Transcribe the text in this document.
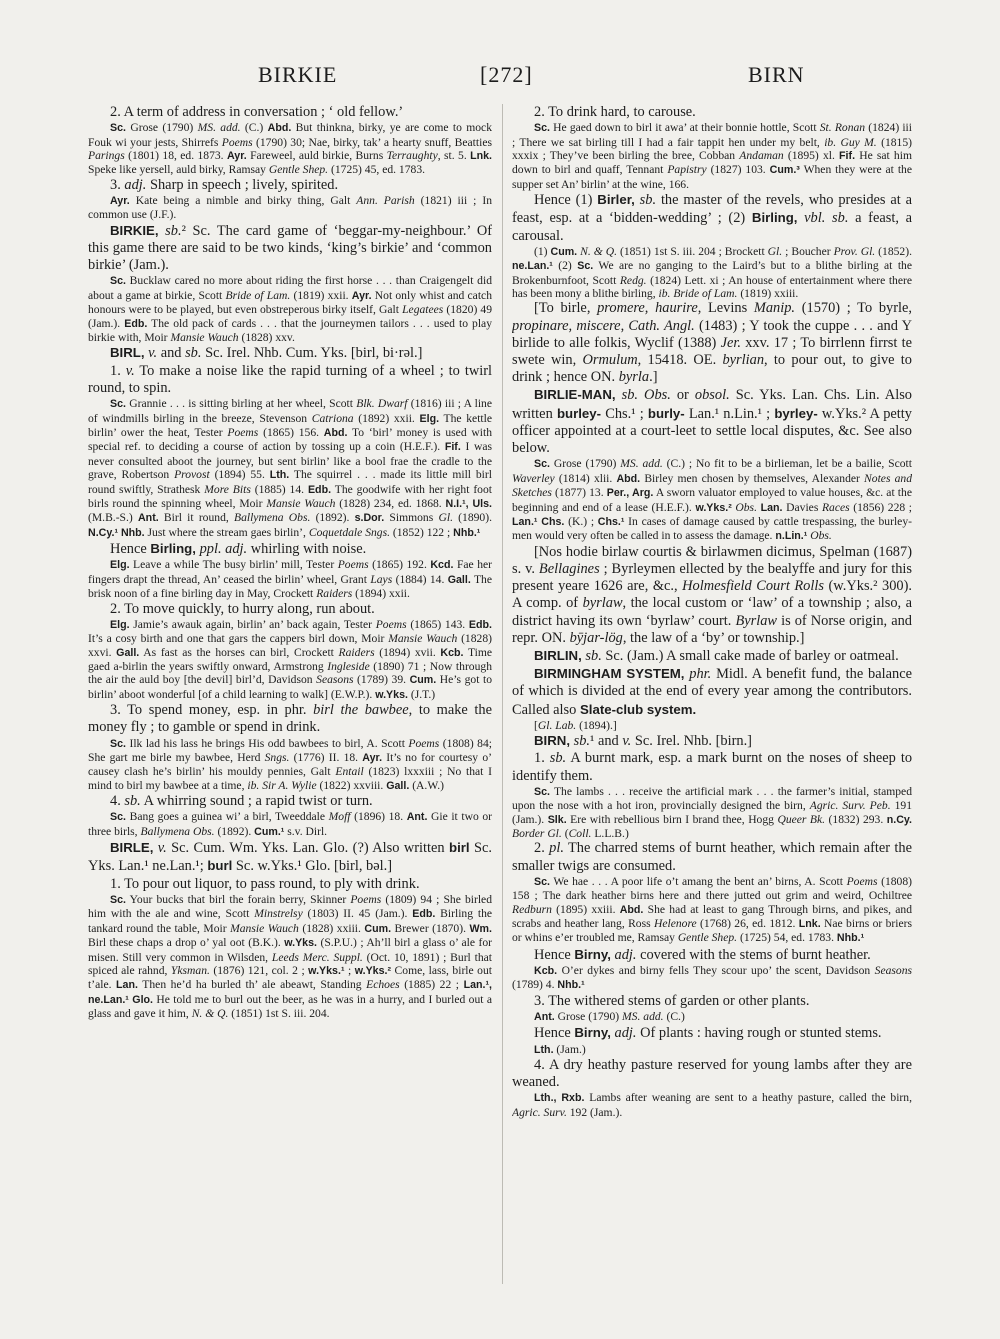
BIRKIE	[272]	BIRN

2. A term of address in conversation ; ‘ old fellow.’

Sc. Grose (1790) MS. add. (C.) Abd. But thinkna, birky, ye are come to mock Fouk wi your jests, Shirrefs Poems (1790) 30; Nae, birky, tak’ a hearty snuff, Beatties Parings (1801) 18, ed. 1873. Ayr. Fareweel, auld birkie, Burns Terraughty, st. 5. Lnk. Speke like yersell, auld birky, Ramsay Gentle Shep. (1725) 45, ed. 1783.

3. adj. Sharp in speech ; lively, spirited.

Ayr. Kate being a nimble and birky thing, Galt Ann. Parish (1821) iii ; In common use (J.F.).

BIRKIE, sb.² Sc. The card game of ‘beggar-my-neighbour.’ Of this game there are said to be two kinds, ‘king’s birkie’ and ‘common birkie’ (Jam.).

Sc. Bucklaw cared no more about riding the first horse . . . than Craigengelt did about a game at birkie, Scott Bride of Lam. (1819) xxii. Ayr. Not only whist and catch honours were to be played, but even obstreperous birky itself, Galt Legatees (1820) 49 (Jam.). Edb. The old pack of cards . . . that the journeymen tailors . . . used to play birkie with, Moir Mansie Wauch (1828) xxv.

BIRL, v. and sb. Sc. Irel. Nhb. Cum. Yks. [birl, bi·rəl.]

1. v. To make a noise like the rapid turning of a wheel ; to twirl round, to spin.

Sc. Grannie . . . is sitting birling at her wheel, Scott Blk. Dwarf (1816) iii ; A line of windmills birling in the breeze, Stevenson Catriona (1892) xxii. Elg. The kettle birlin’ ower the heat, Tester Poems (1865) 156. Abd. To ‘birl’ money is used with special ref. to deciding a course of action by tossing up a coin (H.E.F.). Fif. I was never consulted aboot the journey, but sent birlin’ like a bool frae the cradle to the grave, Robertson Provost (1894) 55. Lth. The squirrel . . . made its little mill birl round swiftly, Strathesk More Bits (1885) 14. Edb. The goodwife with her right foot birls round the spinning wheel, Moir Mansie Wauch (1828) 234, ed. 1868. N.I.¹, Uls. (M.B.-S.) Ant. Birl it round, Ballymena Obs. (1892). s.Dor. Simmons Gl. (1890). N.Cy.¹ Nhb. Just where the stream gaes birlin’, Coquetdale Sngs. (1852) 122 ; Nhb.¹

Hence Birling, ppl. adj. whirling with noise.

Elg. Leave a while The busy birlin’ mill, Tester Poems (1865) 192. Kcd. Fae her fingers drapt the thread, An’ ceased the birlin’ wheel, Grant Lays (1884) 14. Gall. The brisk noon of a fine birling day in May, Crockett Raiders (1894) xxii.

2. To move quickly, to hurry along, run about.

Elg. Jamie’s awauk again, birlin’ an’ back again, Tester Poems (1865) 143. Edb. It’s a cosy birth and one that gars the cappers birl down, Moir Mansie Wauch (1828) xxvi. Gall. As fast as the horses can birl, Crockett Raiders (1894) xvii. Kcb. Time gaed a-birlin the years swiftly onward, Armstrong Ingleside (1890) 71 ; Now through the air the auld boy [the devil] birl’d, Davidson Seasons (1789) 39. Cum. He’s got to birlin’ aboot wonderful [of a child learning to walk] (E.W.P.). w.Yks. (J.T.)

3. To spend money, esp. in phr. birl the bawbee, to make the money fly ; to gamble or spend in drink.

Sc. Ilk lad his lass he brings His odd bawbees to birl, A. Scott Poems (1808) 84; She gart me birle my bawbee, Herd Sngs. (1776) II. 18. Ayr. It’s no for courtesy o’ causey clash he’s birlin’ his mouldy pennies, Galt Entail (1823) lxxxiii ; No that I mind to birl my bawbee at a time, ib. Sir A. Wylie (1822) xxviii. Gall. (A.W.)

4. sb. A whirring sound ; a rapid twist or turn.

Sc. Bang goes a guinea wi’ a birl, Tweeddale Moff (1896) 18. Ant. Gie it two or three birls, Ballymena Obs. (1892). Cum.¹ s.v. Dirl.

BIRLE, v. Sc. Cum. Wm. Yks. Lan. Glo. (?) Also written birl Sc. Yks. Lan.¹ ne.Lan.¹; burl Sc. w.Yks.¹ Glo. [birl, bəl.]

1. To pour out liquor, to pass round, to ply with drink.

Sc. Your bucks that birl the forain berry, Skinner Poems (1809) 94 ; She birled him with the ale and wine, Scott Minstrelsy (1803) II. 45 (Jam.). Edb. Birling the tankard round the table, Moir Mansie Wauch (1828) xxiii. Cum. Brewer (1870). Wm. Birl these chaps a drop o’ yal oot (B.K.). w.Yks. (S.P.U.) ; Ah’ll birl a glass o’ ale for misen. Still very common in Wilsden, Leeds Merc. Suppl. (Oct. 10, 1891) ; Burl that spiced ale rahnd, Yksman. (1876) 121, col. 2 ; w.Yks.¹ ; w.Yks.² Come, lass, birle out t’ale. Lan. Then he’d ha burled th’ ale abeawt, Standing Echoes (1885) 22 ; Lan.¹, ne.Lan.¹ Glo. He told me to burl out the beer, as he was in a hurry, and I burled out a glass and gave it him, N. & Q. (1851) 1st S. iii. 204.

2. To drink hard, to carouse.

Sc. He gaed down to birl it awa’ at their bonnie hottle, Scott St. Ronan (1824) iii ; There we sat birling till I had a fair tappit hen under my belt, ib. Guy M. (1815) xxxix ; They’ve been birling the bree, Cobban Andaman (1895) xl. Fif. He sat him down to birl and quaff, Tennant Papistry (1827) 103. Cum.³ When they were at the supper set An’ birlin’ at the wine, 166.

Hence (1) Birler, sb. the master of the revels, who presides at a feast, esp. at a ‘bidden-wedding’ ; (2) Birling, vbl. sb. a feast, a carousal.

(1) Cum. N. & Q. (1851) 1st S. iii. 204 ; Brockett Gl. ; Boucher Prov. Gl. (1852). ne.Lan.¹ (2) Sc. We are no ganging to the Laird’s but to a blithe birling at the Brokenburnfoot, Scott Redg. (1824) Lett. xi ; An house of entertainment where there has been mony a blithe birling, ib. Bride of Lam. (1819) xxiii.

[To birle, promere, haurire, Levins Manip. (1570) ; To byrle, propinare, miscere, Cath. Angl. (1483) ; Y took the cuppe . . . and Y birlide to alle folkis, Wyclif (1388) Jer. xxv. 17 ; To birrlenn firrst te swete win, Ormulum, 15418. OE. byrlian, to pour out, to give to drink ; hence ON. byrla.]

BIRLIE-MAN, sb. Obs. or obsol. Sc. Yks. Lan. Chs. Lin. Also written burley- Chs.¹ ; burly- Lan.¹ n.Lin.¹ ; byrley- w.Yks.² A petty officer appointed at a court-leet to settle local disputes, &c. See also below.

Sc. Grose (1790) MS. add. (C.) ; No fit to be a birlieman, let be a bailie, Scott Waverley (1814) xlii. Abd. Birley men chosen by themselves, Alexander Notes and Sketches (1877) 13. Per., Arg. A sworn valuator employed to value houses, &c. at the beginning and end of a lease (H.E.F.). w.Yks.² Obs. Lan. Davies Races (1856) 228 ; Lan.¹ Chs. (K.) ; Chs.¹ In cases of damage caused by cattle trespassing, the burley-men would very often be called in to assess the damage. n.Lin.¹ Obs.

[Nos hodie birlaw courtis & birlawmen dicimus, Spelman (1687) s. v. Bellagines ; Byrleymen ellected by the bealyffe and jury for this present yeare 1626 are, &c., Holmesfield Court Rolls (w.Yks.² 300). A comp. of byrlaw, the local custom or ‘law’ of a township ; also, a district having its own ‘byrlaw’ court. Byrlaw is of Norse origin, and repr. ON. bȳjar-lög, the law of a ‘by’ or township.]

BIRLIN, sb. Sc. (Jam.) A small cake made of barley or oatmeal.

BIRMINGHAM SYSTEM, phr. Midl. A benefit fund, the balance of which is divided at the end of every year among the contributors. Called also Slate-club system.

[Gl. Lab. (1894).]

BIRN, sb.¹ and v. Sc. Irel. Nhb. [birn.]

1. sb. A burnt mark, esp. a mark burnt on the noses of sheep to identify them.

Sc. The lambs . . . receive the artificial mark . . . the farmer’s initial, stamped upon the nose with a hot iron, provincially designed the birn, Agric. Surv. Peb. 191 (Jam.). Slk. Ere with rebellious birn I brand thee, Hogg Queer Bk. (1832) 293. n.Cy. Border Gl. (Coll. L.L.B.)

2. pl. The charred stems of burnt heather, which remain after the smaller twigs are consumed.

Sc. We hae . . . A poor life o’t amang the bent an’ birns, A. Scott Poems (1808) 158 ; The dark heather birns here and there jutted out grim and weird, Ochiltree Redburn (1895) xxiii. Abd. She had at least to gang Through birns, and pikes, and scrabs and heather lang, Ross Helenore (1768) 26, ed. 1812. Lnk. Nae birns or briers or whins e’er troubled me, Ramsay Gentle Shep. (1725) 54, ed. 1783. Nhb.¹

Hence Birny, adj. covered with the stems of burnt heather.

Kcb. O’er dykes and birny fells They scour upo’ the scent, Davidson Seasons (1789) 4. Nhb.¹

3. The withered stems of garden or other plants.

Ant. Grose (1790) MS. add. (C.)

Hence Birny, adj. Of plants : having rough or stunted stems.

Lth. (Jam.)

4. A dry heathy pasture reserved for young lambs after they are weaned.

Lth., Rxb. Lambs after weaning are sent to a heathy pasture, called the birn, Agric. Surv. 192 (Jam.).
